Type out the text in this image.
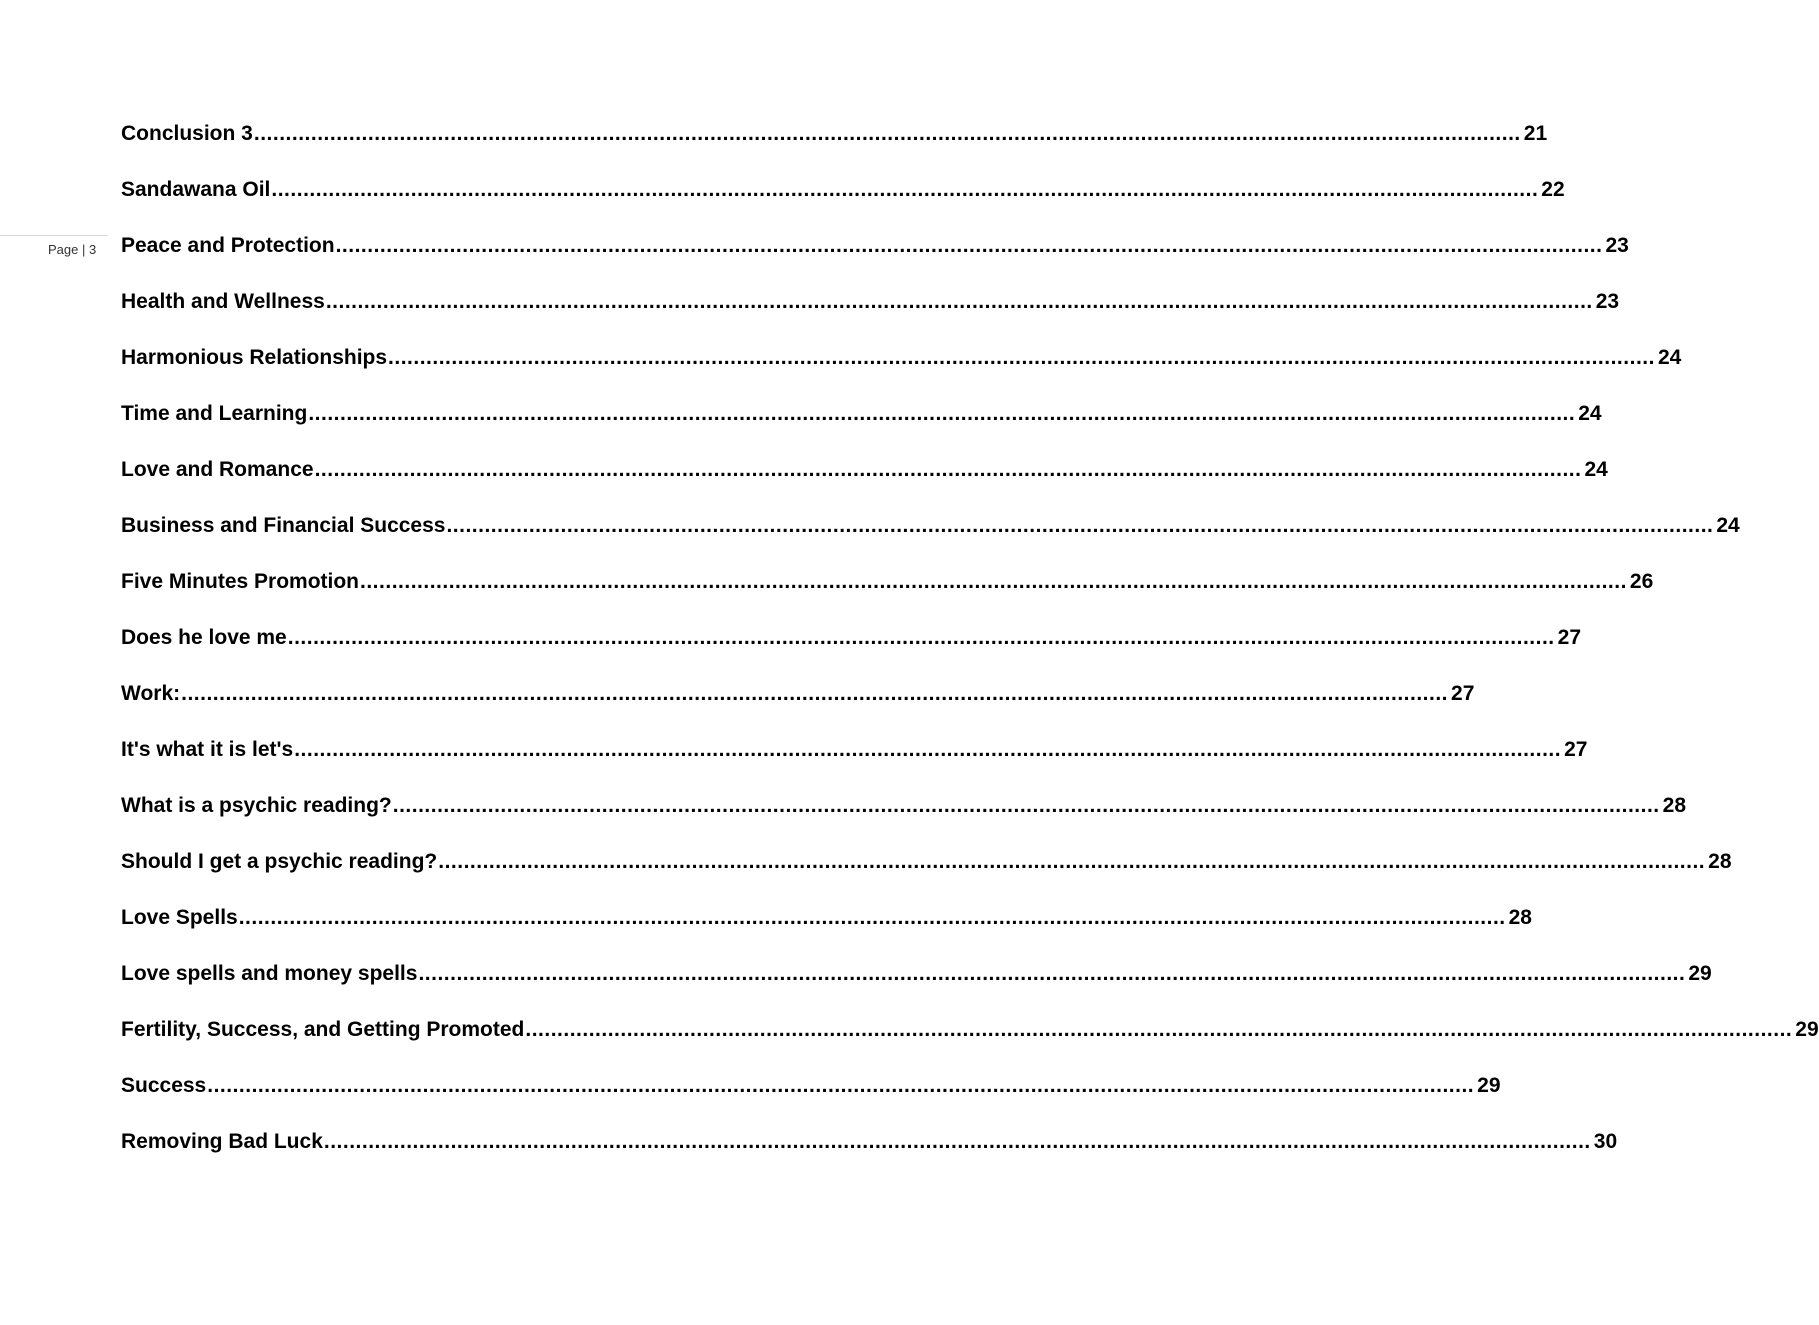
Page | 3
Conclusion 3 ........................................................................................................................................................................................................ 21
Sandawana Oil ........................................................................................................................................................................................................ 22
Peace and Protection ........................................................................................................................................................................................................ 23
Health and Wellness ........................................................................................................................................................................................................ 23
Harmonious Relationships ........................................................................................................................................................................................................ 24
Time and Learning ........................................................................................................................................................................................................ 24
Love and Romance ........................................................................................................................................................................................................ 24
Business and Financial Success ........................................................................................................................................................................................................ 24
Five Minutes Promotion ........................................................................................................................................................................................................ 26
Does he love me ........................................................................................................................................................................................................ 27
Work: ........................................................................................................................................................................................................ 27
It's what it is let's ........................................................................................................................................................................................................ 27
What is a psychic reading? ........................................................................................................................................................................................................ 28
Should I get a psychic reading? ........................................................................................................................................................................................................ 28
Love Spells ........................................................................................................................................................................................................ 28
Love spells and money spells ........................................................................................................................................................................................................ 29
Fertility, Success, and Getting Promoted ........................................................................................................................................................................................................ 29
Success ........................................................................................................................................................................................................ 29
Removing Bad Luck ........................................................................................................................................................................................................ 30
